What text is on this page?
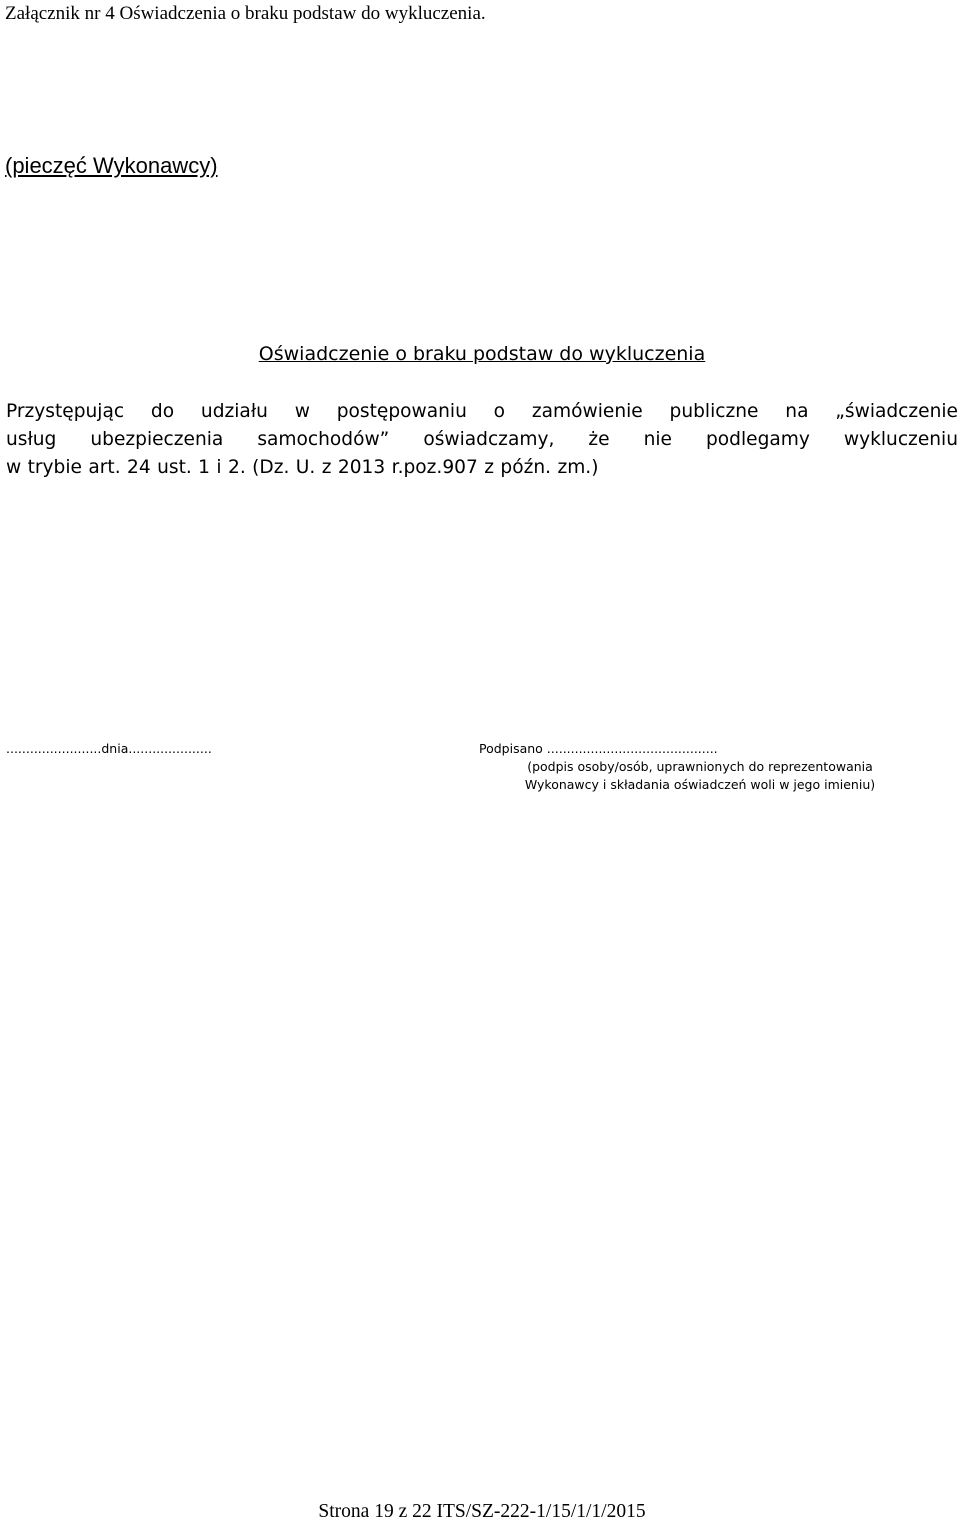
Załącznik nr 4 Oświadczenia o braku podstaw do wykluczenia.
(pieczęć Wykonawcy)
Oświadczenie o braku podstaw do wykluczenia
Przystępując do udziału w postępowaniu o zamówienie publiczne na „świadczenie
usług ubezpieczenia samochodów” oświadczamy, że nie podlegamy wykluczeniu
w trybie art. 24 ust. 1 i 2. (Dz. U. z 2013 r.poz.907 z późn. zm.)
........................dnia.....................	Podpisano ...........................................
(podpis osoby/osób, uprawnionych do reprezentowania
Wykonawcy i składania oświadczeń woli w jego imieniu)
Strona 19 z 22 ITS/SZ-222-1/15/1/1/2015
